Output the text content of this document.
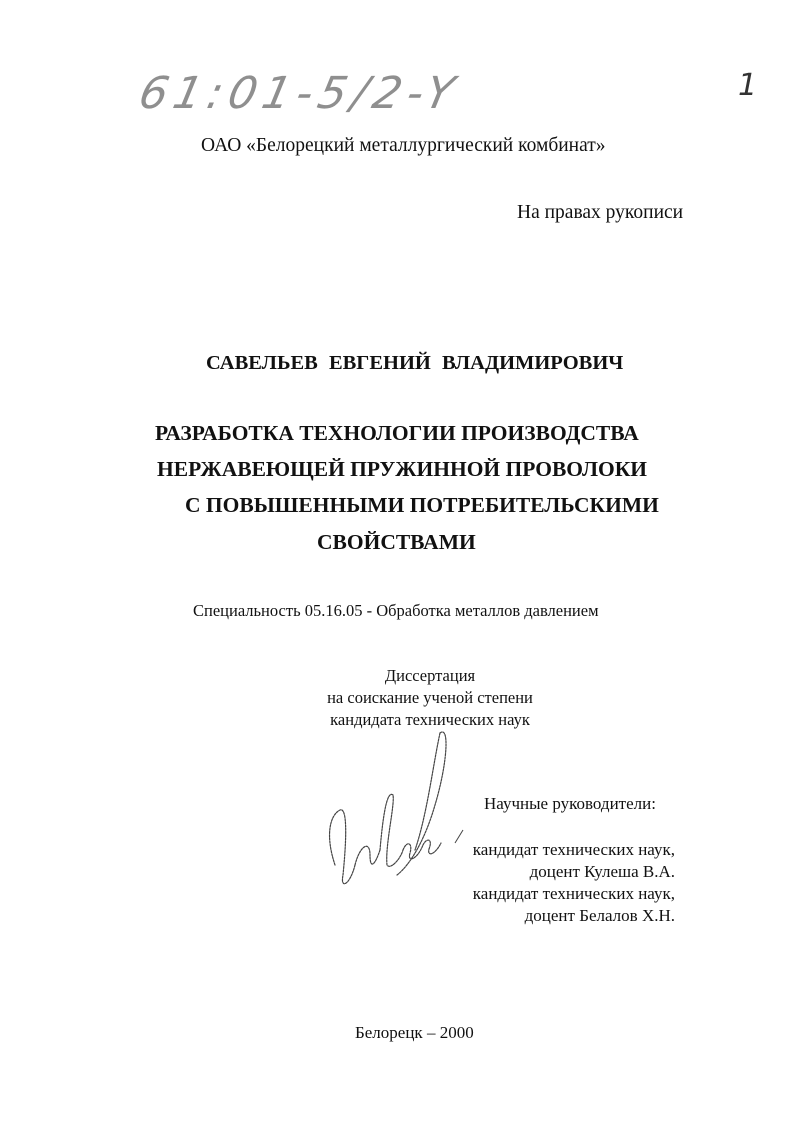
61:01-5/2-Y	1
ОАО «Белорецкий металлургический комбинат»
На правах рукописи
САВЕЛЬЕВ ЕВГЕНИЙ ВЛАДИМИРОВИЧ
РАЗРАБОТКА ТЕХНОЛОГИИ ПРОИЗВОДСТВА
НЕРЖАВЕЮЩЕЙ ПРУЖИННОЙ ПРОВОЛОКИ
С ПОВЫШЕННЫМИ ПОТРЕБИТЕЛЬСКИМИ
СВОЙСТВАМИ
Специальность 05.16.05 - Обработка металлов давлением
Диссертация
на соискание ученой степени
кандидата технических наук
Научные руководители:
кандидат технических наук,
доцент Кулеша В.А.
кандидат технических наук,
доцент Белалов Х.Н.
Белорецк – 2000
